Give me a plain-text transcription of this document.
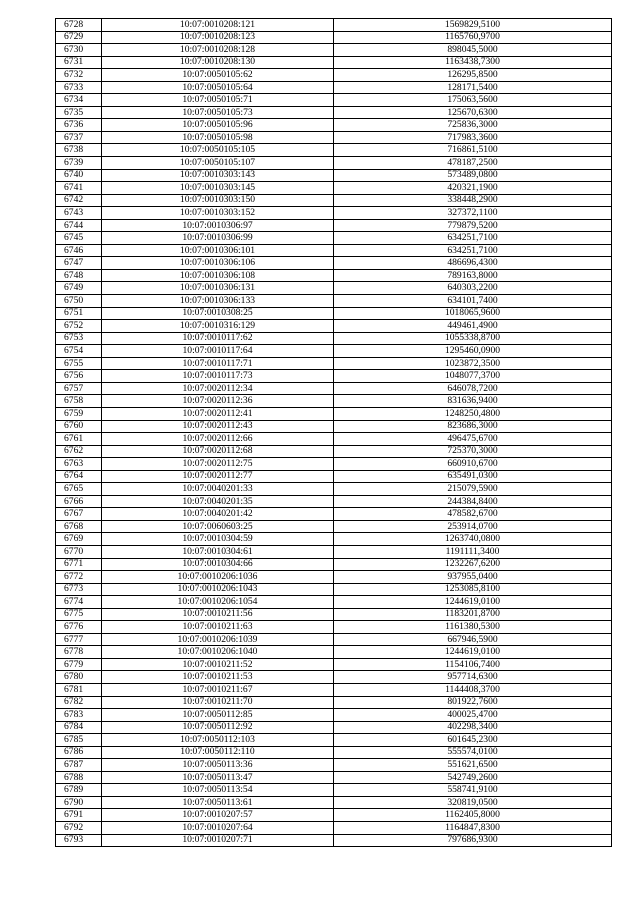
6728	10:07:0010208:121	1569829,5100
6729	10:07:0010208:123	1165760,9700
6730	10:07:0010208:128	898045,5000
6731	10:07:0010208:130	1163438,7300
6732	10:07:0050105:62	126295,8500
6733	10:07:0050105:64	128171,5400
6734	10:07:0050105:71	175063,5600
6735	10:07:0050105:73	125670,6300
6736	10:07:0050105:96	725836,3000
6737	10:07:0050105:98	717983,3600
6738	10:07:0050105:105	716861,5100
6739	10:07:0050105:107	478187,2500
6740	10:07:0010303:143	573489,0800
6741	10:07:0010303:145	420321,1900
6742	10:07:0010303:150	338448,2900
6743	10:07:0010303:152	327372,1100
6744	10:07:0010306:97	779879,5200
6745	10:07:0010306:99	634251,7100
6746	10:07:0010306:101	634251,7100
6747	10:07:0010306:106	486696,4300
6748	10:07:0010306:108	789163,8000
6749	10:07:0010306:131	640303,2200
6750	10:07:0010306:133	634101,7400
6751	10:07:0010308:25	1018065,9600
6752	10:07:0010316:129	449461,4900
6753	10:07:0010117:62	1055338,8700
6754	10:07:0010117:64	1295460,0900
6755	10:07:0010117:71	1023872,3500
6756	10:07:0010117:73	1048077,3700
6757	10:07:0020112:34	646078,7200
6758	10:07:0020112:36	831636,9400
6759	10:07:0020112:41	1248250,4800
6760	10:07:0020112:43	823686,3000
6761	10:07:0020112:66	496475,6700
6762	10:07:0020112:68	725370,3000
6763	10:07:0020112:75	660910,6700
6764	10:07:0020112:77	635491,0300
6765	10:07:0040201:33	215079,5900
6766	10:07:0040201:35	244384,8400
6767	10:07:0040201:42	478582,6700
6768	10:07:0060603:25	253914,0700
6769	10:07:0010304:59	1263740,0800
6770	10:07:0010304:61	1191111,3400
6771	10:07:0010304:66	1232267,6200
6772	10:07:0010206:1036	937955,0400
6773	10:07:0010206:1043	1253085,8100
6774	10:07:0010206:1054	1244619,0100
6775	10:07:0010211:56	1183201,8700
6776	10:07:0010211:63	1161380,5300
6777	10:07:0010206:1039	667946,5900
6778	10:07:0010206:1040	1244619,0100
6779	10:07:0010211:52	1154106,7400
6780	10:07:0010211:53	957714,6300
6781	10:07:0010211:67	1144408,3700
6782	10:07:0010211:70	801922,7600
6783	10:07:0050112:85	400025,4700
6784	10:07:0050112:92	402298,3400
6785	10:07:0050112:103	601645,2300
6786	10:07:0050112:110	555574,0100
6787	10:07:0050113:36	551621,6500
6788	10:07:0050113:47	542749,2600
6789	10:07:0050113:54	558741,9100
6790	10:07:0050113:61	320819,0500
6791	10:07:0010207:57	1162405,8000
6792	10:07:0010207:64	1164847,8300
6793	10:07:0010207:71	797686,9300
